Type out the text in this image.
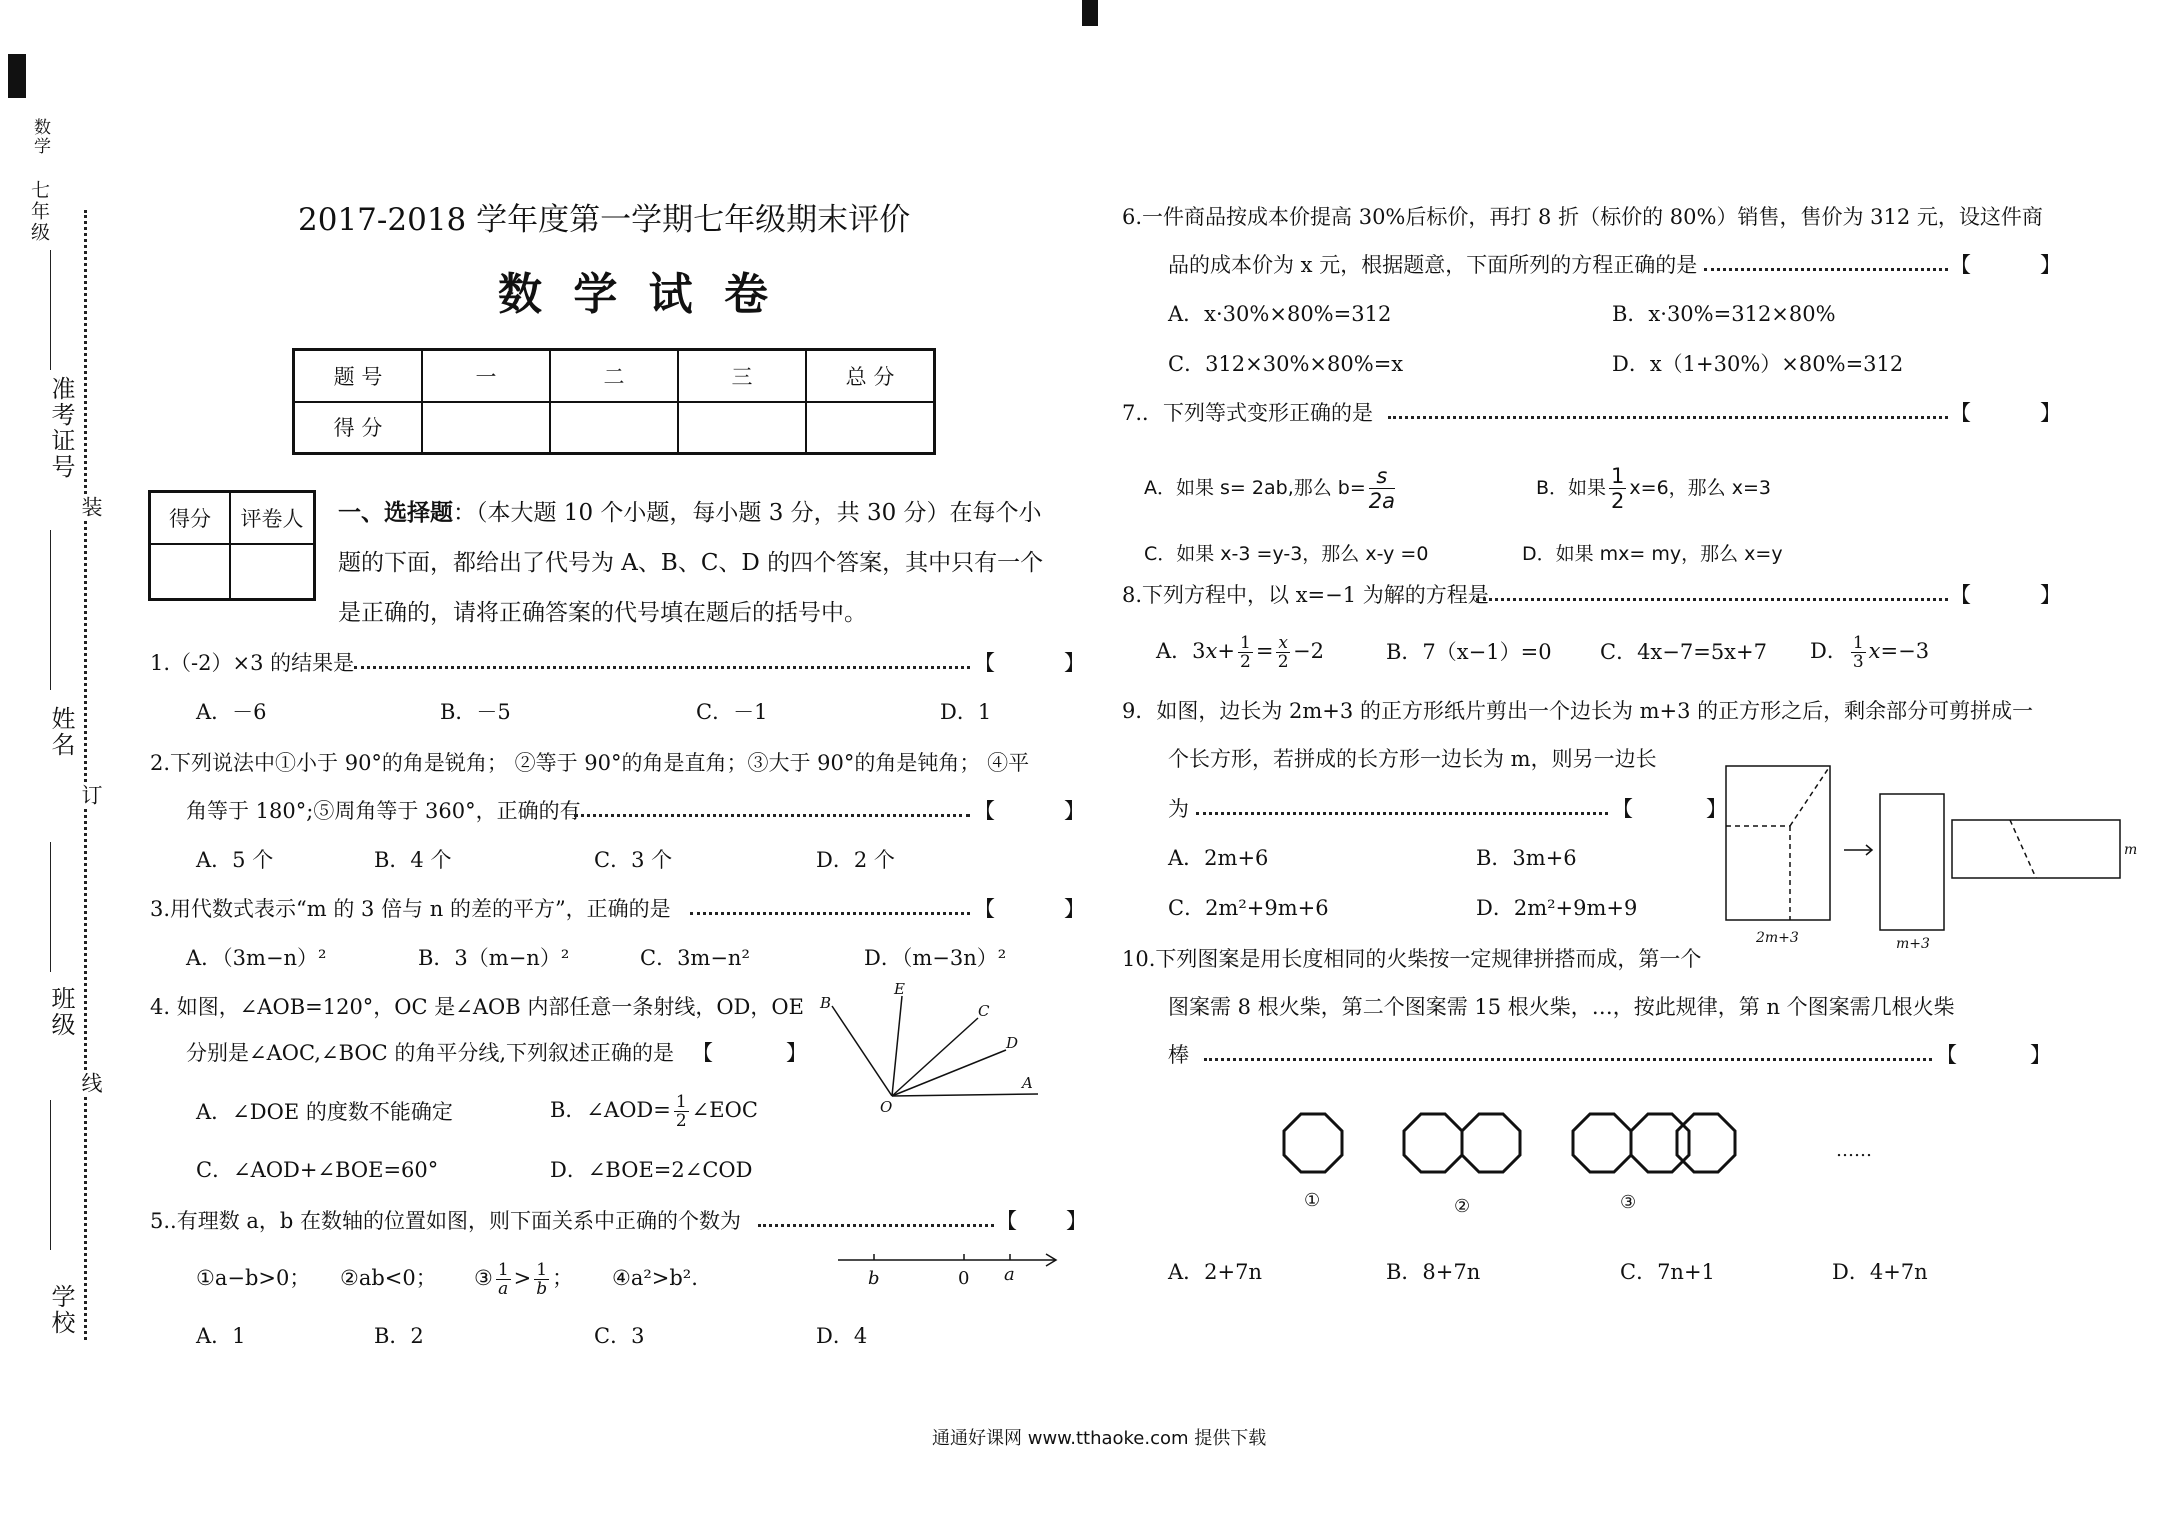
数学
七年级
准考证号
装
姓名
订
班级
线
学校
2017-2018 学年度第一学期七年级期末评价
数 学 试 卷
题 号	一	二	三	总 分
得 分				
得分	评卷人
	一、选择题：（本大题 10 个小题，每小题 3 分，共 30 分）在每个小
题的下面，都给出了代号为 A、B、C、D 的四个答案，其中只有一个
是正确的，请将正确答案的代号填在题后的括号中。
1.（-2）×3 的结果是	【	】
A．－6	B．－5	C．－1	D．1
2.下列说法中①小于 90°的角是锐角； ②等于 90°的角是直角；③大于 90°的角是钝角； ④平
角等于 180°;⑤周角等于 360°，正确的有	【	】
A．5 个	B．4 个	C．3 个	D．2 个
3.用代数式表示“m 的 3 倍与 n 的差的平方”，正确的是	【	】
A．（3m−n）²	B．3（m−n）²	C．3m−n²	D．（m−3n）²
4. 如图，∠AOB=120°，OC 是∠AOB 内部任意一条射线，OD，OE
分别是∠AOC,∠BOC 的角平分线,下列叙述正确的是 【	】
A．∠DOE 的度数不能确定	B．∠AOD= $\frac{1}{2}$ ∠EOC
C．∠AOD+∠BOE=60°	D．∠BOE=2∠COD
B
E
C
D
A
O
5..有理数 a，b 在数轴的位置如图，则下面关系中正确的个数为	【 】
①a−b>0； ②ab<0； ③ $\frac{1}{a} > \frac{1}{b}$ ； ④a²>b².
A．1	B．2	C．3	D．4
b	0 a
6.一件商品按成本价提高 30%后标价，再打 8 折（标价的 80%）销售，售价为 312 元，设这件商
品的成本价为 x 元，根据题意，下面所列的方程正确的是	【	】
A．x·30%×80%=312	B．x·30%=312×80%
C．312×30%×80%=x	D．x（1+30%）×80%=312
7.．下列等式变形正确的是	【	】
A．如果 s= 2ab,那么 $b= \frac{s}{2a}$	B．如果 $\frac{1}{2} x=6$，那么 x=3
C．如果 x-3 =y-3，那么 x-y =0	D．如果 mx= my，那么 x=y
8.下列方程中，以 x=−1 为解的方程是	【	】
A．$3x+ \frac{1}{2} = \frac{x}{2} -2$	B．7（x−1）=0 C．4x−7=5x+7 D． $\frac{1}{3} x=-3$
9．如图，边长为 2m+3 的正方形纸片剪出一个边长为 m+3 的正方形之后，剩余部分可剪拼成一
个长方形，若拼成的长方形一边长为 m，则另一边长
为	【	】
A．2m+6	B．3m+6
C．2m²+9m+6	D．2m²+9m+9
2m+3	m+3
m
10.下列图案是用长度相同的火柴按一定规律拼搭而成，第一个
图案需 8 根火柴，第二个图案需 15 根火柴，…，按此规律，第 n 个图案需几根火柴
棒	【	】
①	②	③
……
A．2+7n	B．8+7n	C．7n+1	D．4+7n
通通好课网 www.tthaoke.com 提供下载
